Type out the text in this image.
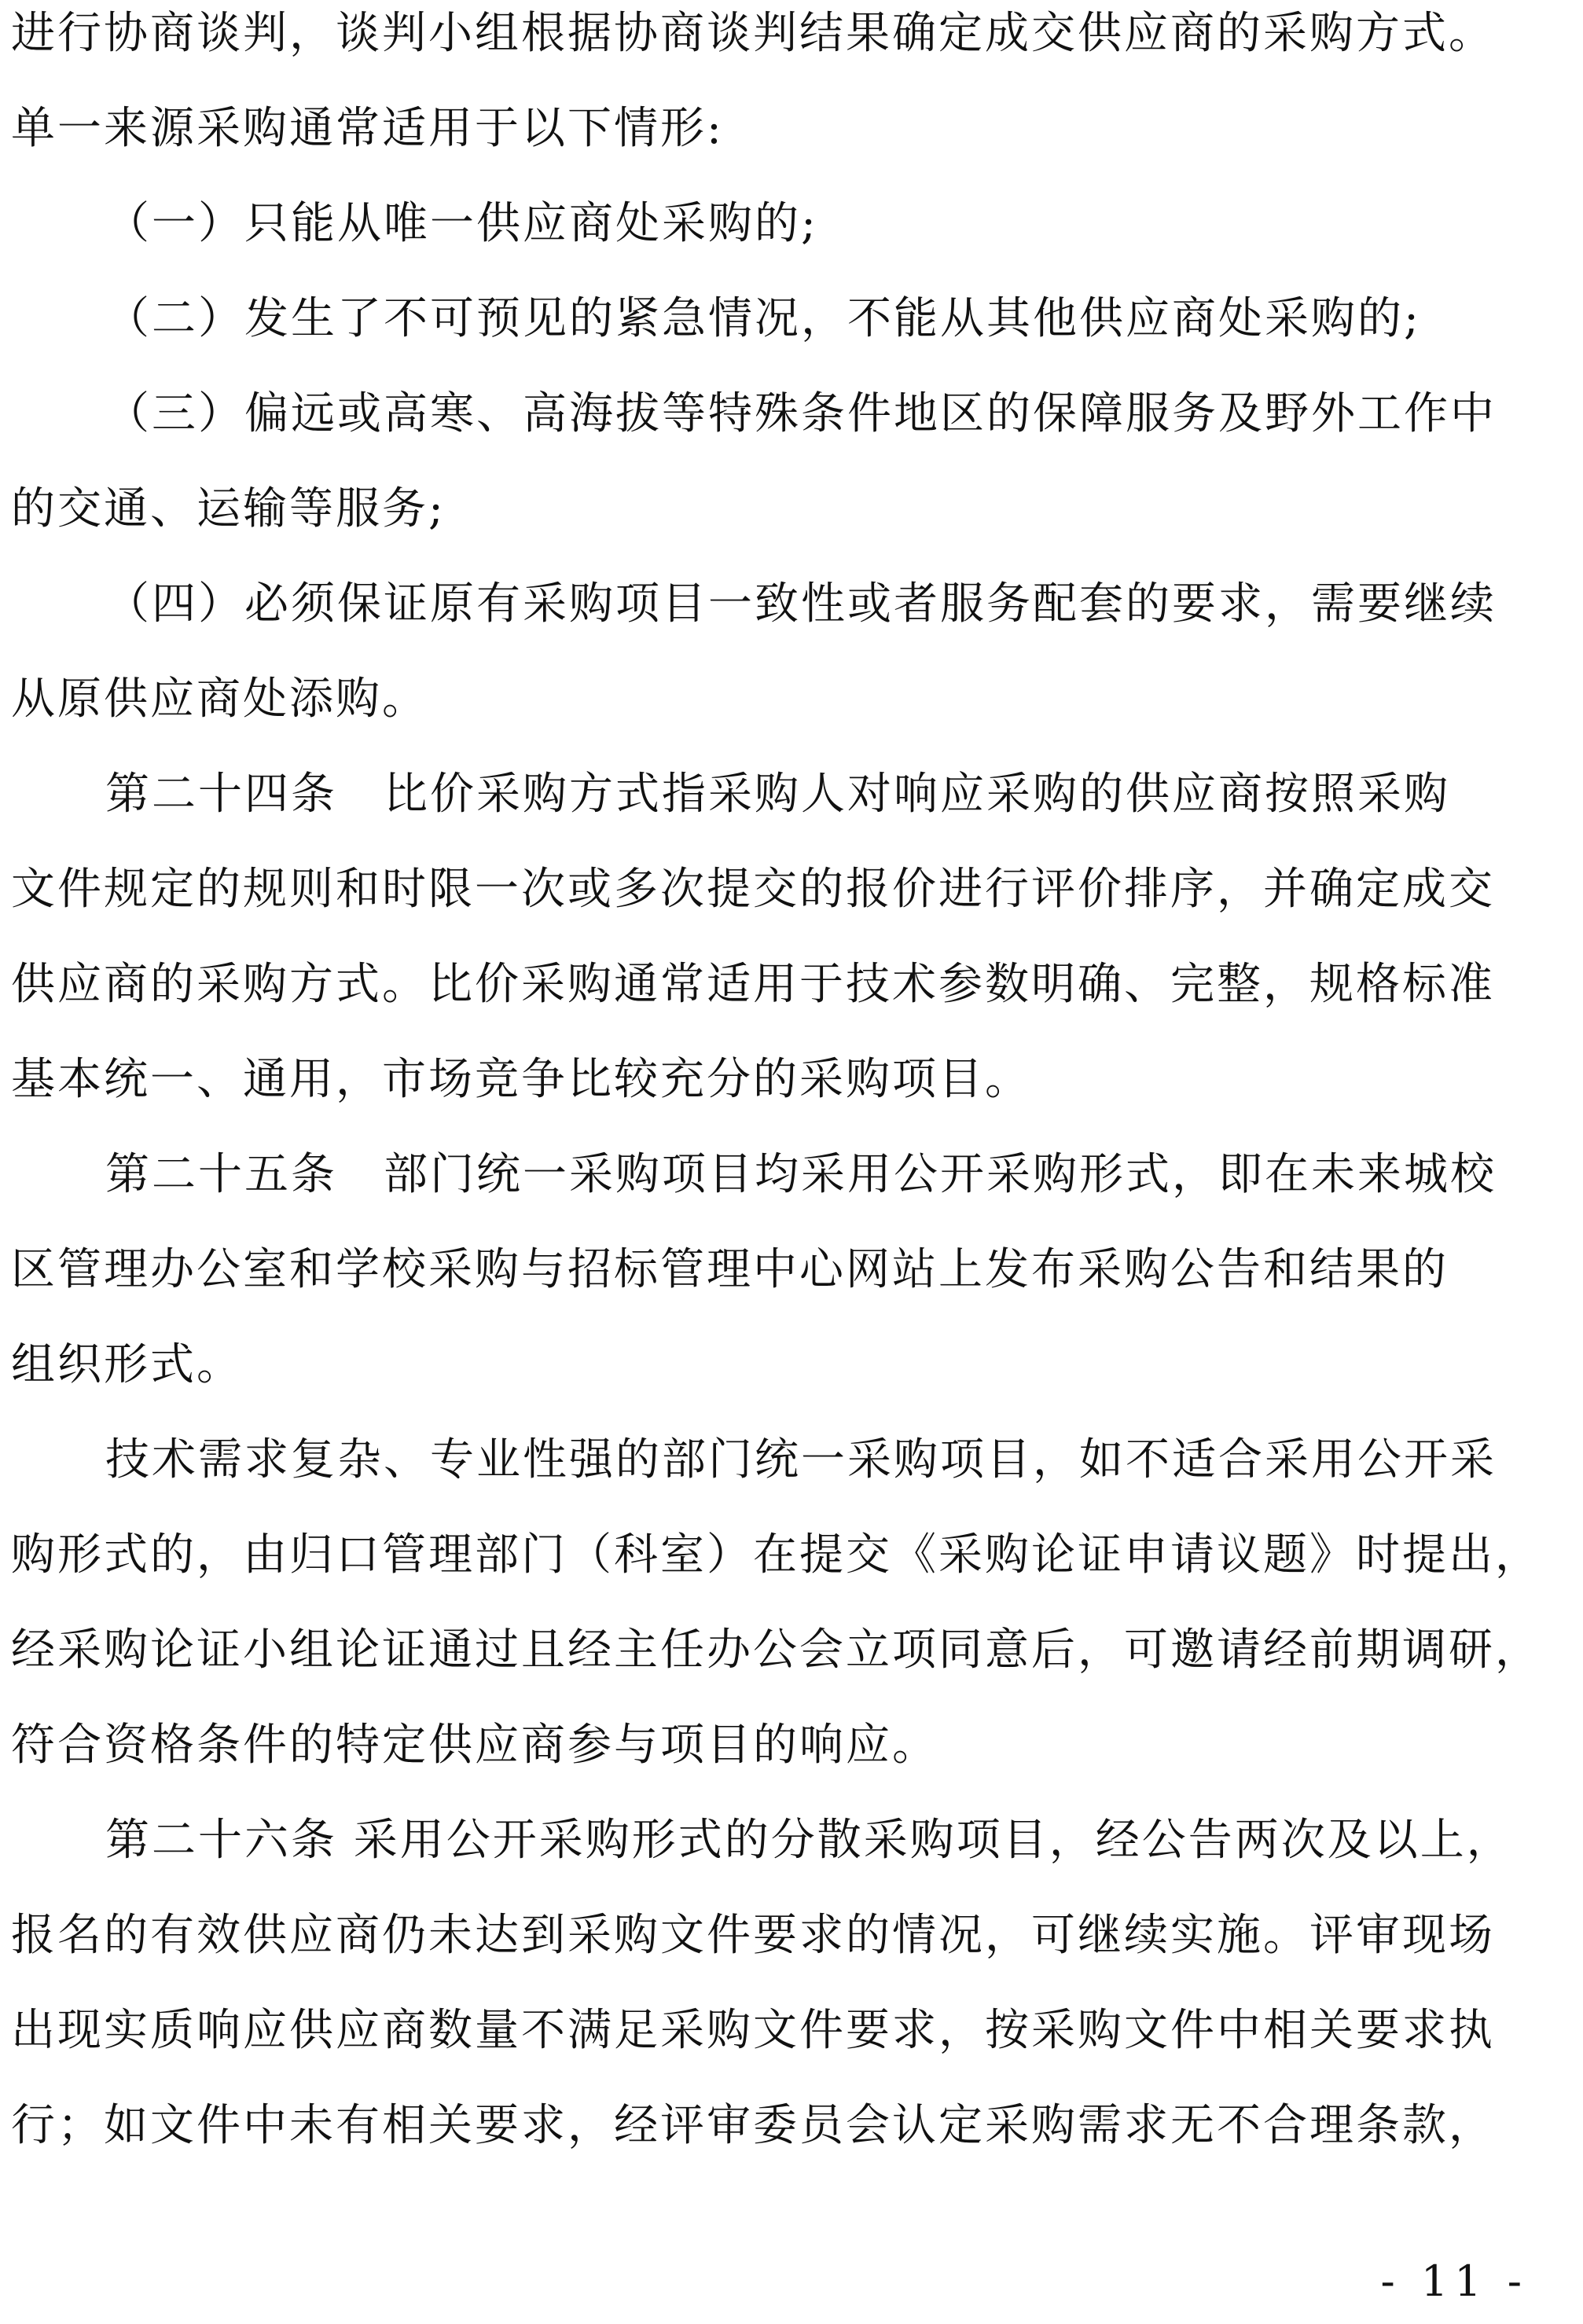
进行协商谈判，谈判小组根据协商谈判结果确定成交供应商的采购方式。
单一来源采购通常适用于以下情形:
（一）只能从唯一供应商处采购的;
（二）发生了不可预见的紧急情况，不能从其他供应商处采购的;
（三）偏远或高寒、高海拔等特殊条件地区的保障服务及野外工作中
的交通、运输等服务;
（四）必须保证原有采购项目一致性或者服务配套的要求，需要继续
从原供应商处添购。
第二十四条　比价采购方式指采购人对响应采购的供应商按照采购
文件规定的规则和时限一次或多次提交的报价进行评价排序，并确定成交
供应商的采购方式。比价采购通常适用于技术参数明确、完整，规格标准
基本统一、通用，市场竞争比较充分的采购项目。
第二十五条　部门统一采购项目均采用公开采购形式，即在未来城校
区管理办公室和学校采购与招标管理中心网站上发布采购公告和结果的
组织形式。
技术需求复杂、专业性强的部门统一采购项目，如不适合采用公开采
购形式的，由归口管理部门（科室）在提交《采购论证申请议题》时提出，
经采购论证小组论证通过且经主任办公会立项同意后，可邀请经前期调研，
符合资格条件的特定供应商参与项目的响应。
第二十六条 采用公开采购形式的分散采购项目，经公告两次及以上，
报名的有效供应商仍未达到采购文件要求的情况，可继续实施。评审现场
出现实质响应供应商数量不满足采购文件要求，按采购文件中相关要求执
行；如文件中未有相关要求，经评审委员会认定采购需求无不合理条款，
- 11 -
